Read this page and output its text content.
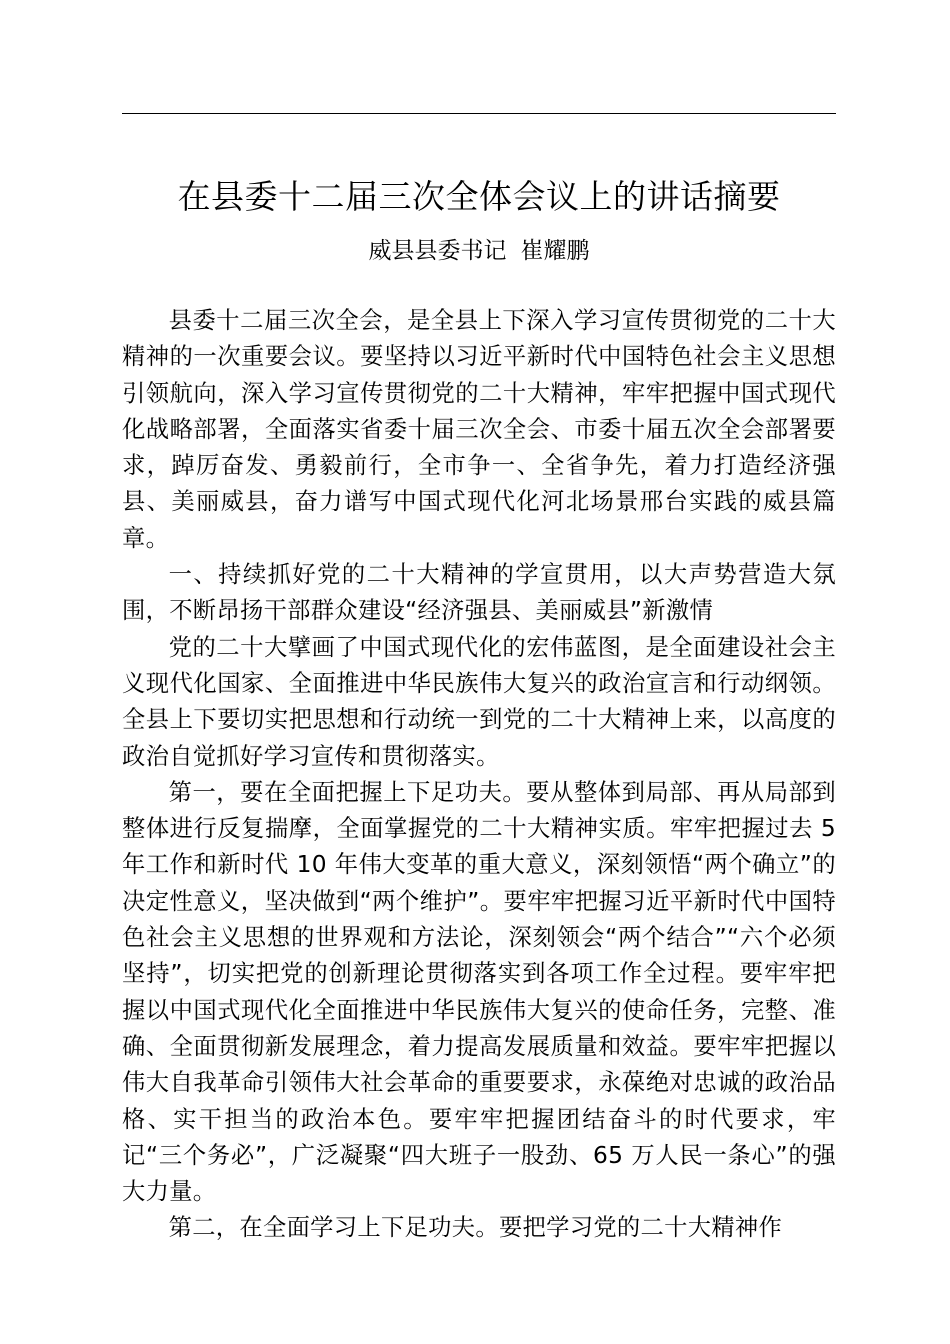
在县委十二届三次全体会议上的讲话摘要
威县县委书记 崔耀鹏

县委十二届三次全会，是全县上下深入学习宣传贯彻党的二十大精神的一次重要会议。要坚持以习近平新时代中国特色社会主义思想引领航向，深入学习宣传贯彻党的二十大精神，牢牢把握中国式现代化战略部署，全面落实省委十届三次全会、市委十届五次全会部署要求，踔厉奋发、勇毅前行，全市争一、全省争先，着力打造经济强县、美丽威县，奋力谱写中国式现代化河北场景邢台实践的威县篇章。

一、持续抓好党的二十大精神的学宣贯用，以大声势营造大氛围，不断昂扬干部群众建设“经济强县、美丽威县”新激情

党的二十大擘画了中国式现代化的宏伟蓝图，是全面建设社会主义现代化国家、全面推进中华民族伟大复兴的政治宣言和行动纲领。全县上下要切实把思想和行动统一到党的二十大精神上来，以高度的政治自觉抓好学习宣传和贯彻落实。

第一，要在全面把握上下足功夫。要从整体到局部、再从局部到整体进行反复揣摩，全面掌握党的二十大精神实质。牢牢把握过去 5 年工作和新时代 10 年伟大变革的重大意义，深刻领悟“两个确立”的决定性意义，坚决做到“两个维护”。要牢牢把握习近平新时代中国特色社会主义思想的世界观和方法论，深刻领会“两个结合”“六个必须坚持”，切实把党的创新理论贯彻落实到各项工作全过程。要牢牢把握以中国式现代化全面推进中华民族伟大复兴的使命任务，完整、准确、全面贯彻新发展理念，着力提高发展质量和效益。要牢牢把握以伟大自我革命引领伟大社会革命的重要要求，永葆绝对忠诚的政治品格、实干担当的政治本色。要牢牢把握团结奋斗的时代要求，牢记“三个务必”，广泛凝聚“四大班子一股劲、65 万人民一条心”的强大力量。

第二，在全面学习上下足功夫。要把学习党的二十大精神作
